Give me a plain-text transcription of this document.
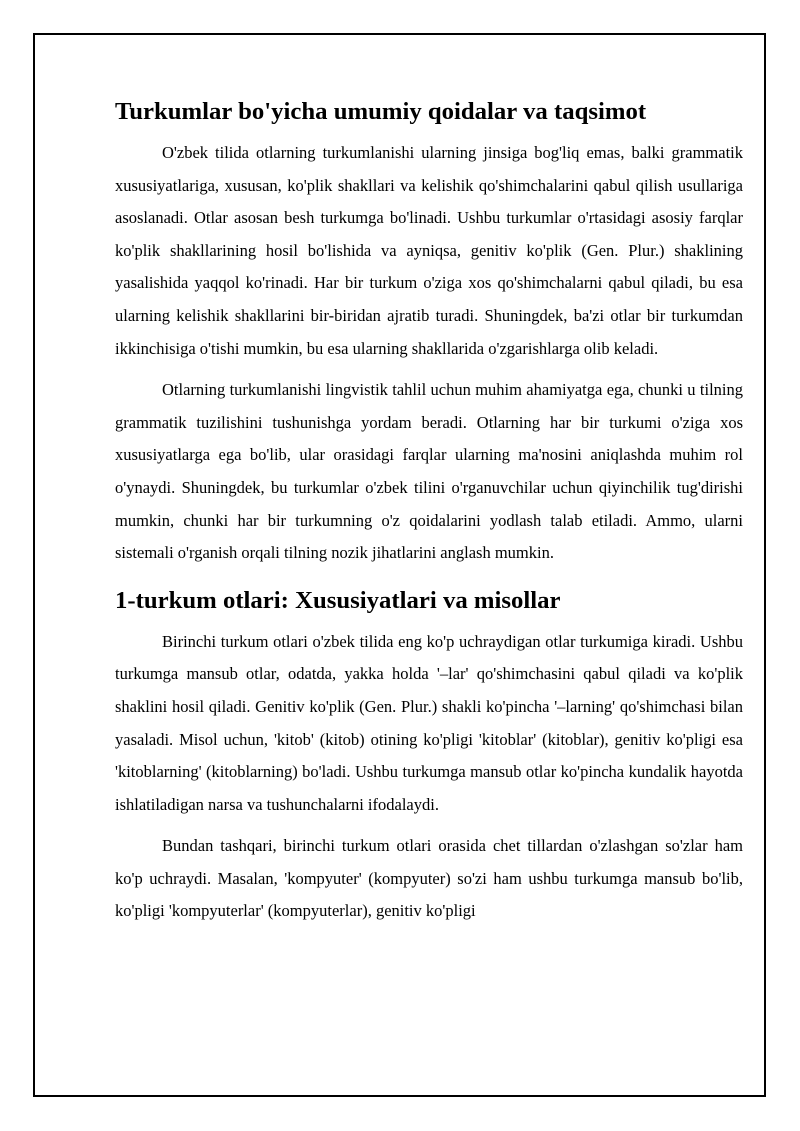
Turkumlar bo'yicha umumiy qoidalar va taqsimot

O'zbek tilida otlarning turkumlanishi ularning jinsiga bog'liq emas, balki grammatik xususiyatlariga, xususan, ko'plik shakllari va kelishik qo'shimchalarini qabul qilish usullariga asoslanadi. Otlar asosan besh turkumga bo'linadi. Ushbu turkumlar o'rtasidagi asosiy farqlar ko'plik shakllarining hosil bo'lishida va ayniqsa, genitiv ko'plik (Gen. Plur.) shaklining yasalishida yaqqol ko'rinadi. Har bir turkum o'ziga xos qo'shimchalarni qabul qiladi, bu esa ularning kelishik shakllarini bir-biridan ajratib turadi. Shuningdek, ba'zi otlar bir turkumdan ikkinchisiga o'tishi mumkin, bu esa ularning shakllarida o'zgarishlarga olib keladi.

Otlarning turkumlanishi lingvistik tahlil uchun muhim ahamiyatga ega, chunki u tilning grammatik tuzilishini tushunishga yordam beradi. Otlarning har bir turkumi o'ziga xos xususiyatlarga ega bo'lib, ular orasidagi farqlar ularning ma'nosini aniqlashda muhim rol o'ynaydi. Shuningdek, bu turkumlar o'zbek tilini o'rganuvchilar uchun qiyinchilik tug'dirishi mumkin, chunki har bir turkumning o'z qoidalarini yodlash talab etiladi. Ammo, ularni sistemali o'rganish orqali tilning nozik jihatlarini anglash mumkin.

1-turkum otlari: Xususiyatlari va misollar

Birinchi turkum otlari o'zbek tilida eng ko'p uchraydigan otlar turkumiga kiradi. Ushbu turkumga mansub otlar, odatda, yakka holda '–lar' qo'shimchasini qabul qiladi va ko'plik shaklini hosil qiladi. Genitiv ko'plik (Gen. Plur.) shakli ko'pincha '–larning' qo'shimchasi bilan yasaladi. Misol uchun, 'kitob' (kitob) otining ko'pligi 'kitoblar' (kitoblar), genitiv ko'pligi esa 'kitoblarning' (kitoblarning) bo'ladi. Ushbu turkumga mansub otlar ko'pincha kundalik hayotda ishlatiladigan narsa va tushunchalarni ifodalaydi.

Bundan tashqari, birinchi turkum otlari orasida chet tillardan o'zlashgan so'zlar ham ko'p uchraydi. Masalan, 'kompyuter' (kompyuter) so'zi ham ushbu turkumga mansub bo'lib, ko'pligi 'kompyuterlar' (kompyuterlar), genitiv ko'pligi
